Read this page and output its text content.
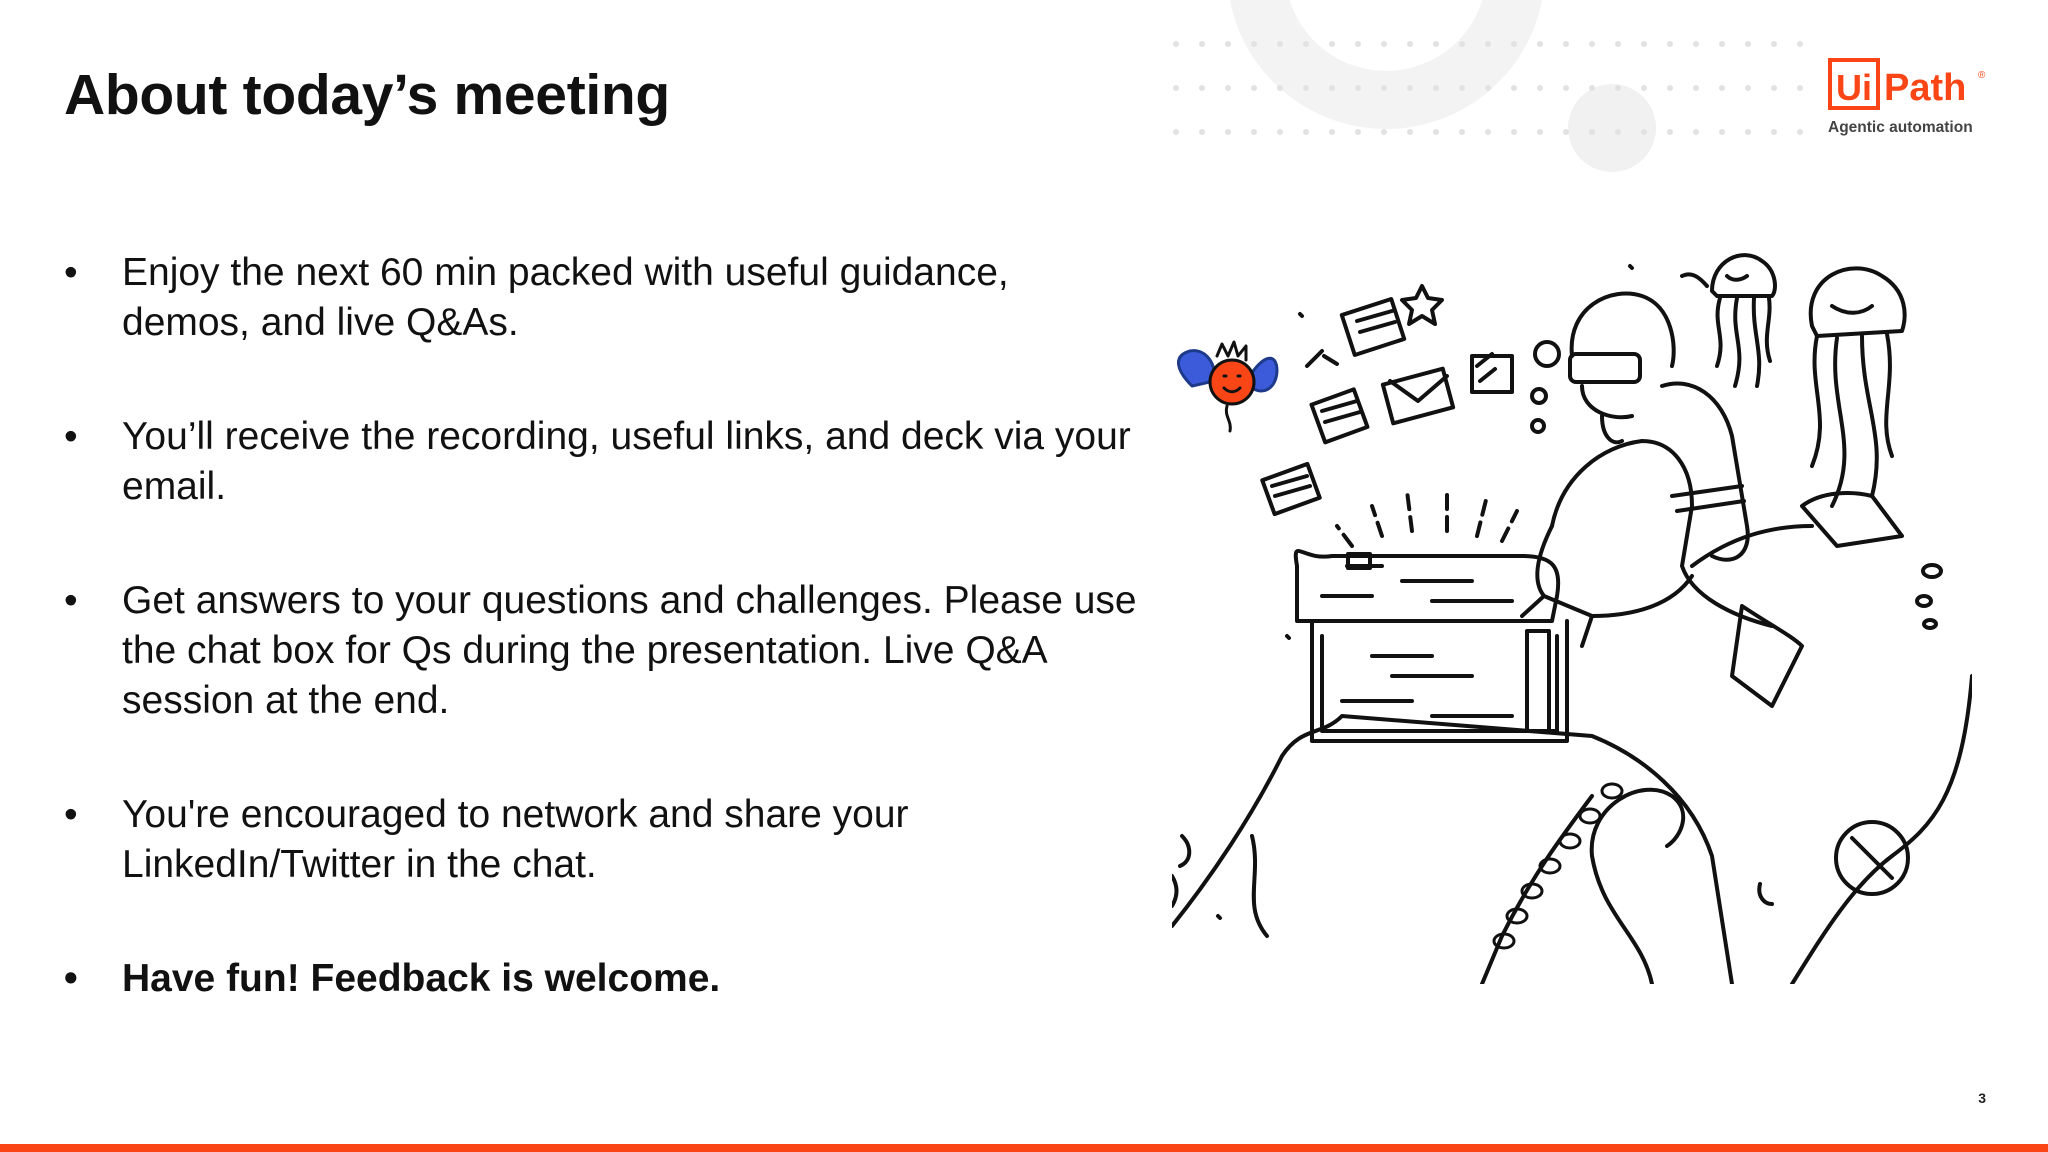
About today’s meeting	Ui Path ®
Agentic automation
• Enjoy the next 60 min packed with useful guidance, demos, and live Q&As.
• You’ll receive the recording, useful links, and deck via your email.
• Get answers to your questions and challenges. Please use the chat box for Qs during the presentation. Live Q&A session at the end.
• You're encouraged to network and share your LinkedIn/Twitter in the chat.
• Have fun! Feedback is welcome.
3
